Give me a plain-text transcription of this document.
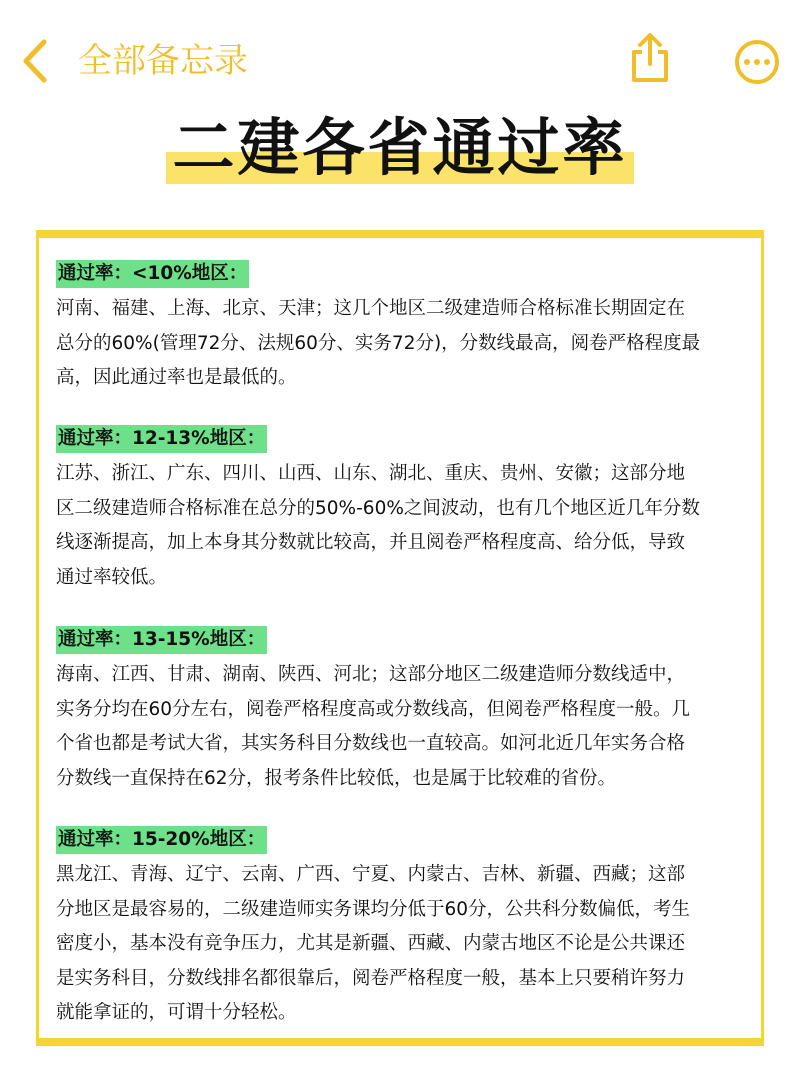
全部备忘录
二建各省通过率
通过率：<10%地区：
河南、福建、上海、北京、天津；这几个地区二级建造师合格标准长期固定在
总分的60%(管理72分、法规60分、实务72分)，分数线最高，阅卷严格程度最
高，因此通过率也是最低的。
通过率：12-13%地区：
江苏、浙江、广东、四川、山西、山东、湖北、重庆、贵州、安徽；这部分地
区二级建造师合格标准在总分的50%-60%之间波动，也有几个地区近几年分数
线逐渐提高，加上本身其分数就比较高，并且阅卷严格程度高、给分低，导致
通过率较低。
通过率：13-15%地区：
海南、江西、甘肃、湖南、陕西、河北；这部分地区二级建造师分数线适中，
实务分均在60分左右，阅卷严格程度高或分数线高，但阅卷严格程度一般。几
个省也都是考试大省，其实务科目分数线也一直较高。如河北近几年实务合格
分数线一直保持在62分，报考条件比较低，也是属于比较难的省份。
通过率：15-20%地区：
黑龙江、青海、辽宁、云南、广西、宁夏、内蒙古、吉林、新疆、西藏；这部
分地区是最容易的，二级建造师实务课均分低于60分，公共科分数偏低，考生
密度小，基本没有竞争压力，尤其是新疆、西藏、内蒙古地区不论是公共课还
是实务科目，分数线排名都很靠后，阅卷严格程度一般，基本上只要稍许努力
就能拿证的，可谓十分轻松。
